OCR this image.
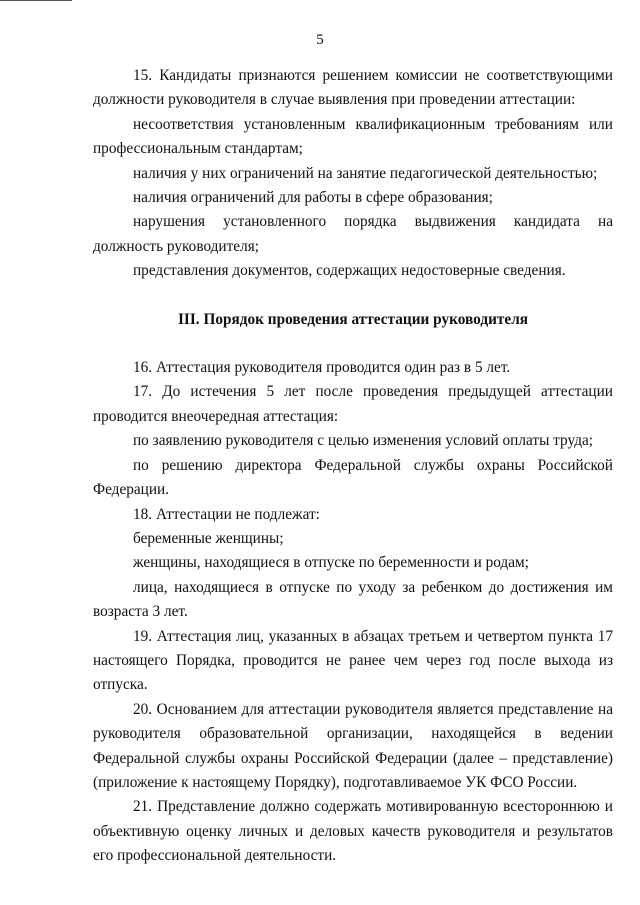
5

15. Кандидаты признаются решением комиссии не соответствующими должности руководителя в случае выявления при проведении аттестации:

несоответствия установленным квалификационным требованиям или профессиональным стандартам;

наличия у них ограничений на занятие педагогической деятельностью;

наличия ограничений для работы в сфере образования;

нарушения установленного порядка выдвижения кандидата на должность руководителя;

представления документов, содержащих недостоверные сведения.

III. Порядок проведения аттестации руководителя

16. Аттестация руководителя проводится один раз в 5 лет.

17. До истечения 5 лет после проведения предыдущей аттестации проводится внеочередная аттестация:

по заявлению руководителя с целью изменения условий оплаты труда;

по решению директора Федеральной службы охраны Российской Федерации.

18. Аттестации не подлежат:

беременные женщины;

женщины, находящиеся в отпуске по беременности и родам;

лица, находящиеся в отпуске по уходу за ребенком до достижения им возраста 3 лет.

19. Аттестация лиц, указанных в абзацах третьем и четвертом пункта 17 настоящего Порядка, проводится не ранее чем через год после выхода из отпуска.

20. Основанием для аттестации руководителя является представление на руководителя образовательной организации, находящейся в ведении Федеральной службы охраны Российской Федерации (далее – представление) (приложение к настоящему Порядку), подготавливаемое УК ФСО России.

21. Представление должно содержать мотивированную всестороннюю и объективную оценку личных и деловых качеств руководителя и результатов его профессиональной деятельности.
